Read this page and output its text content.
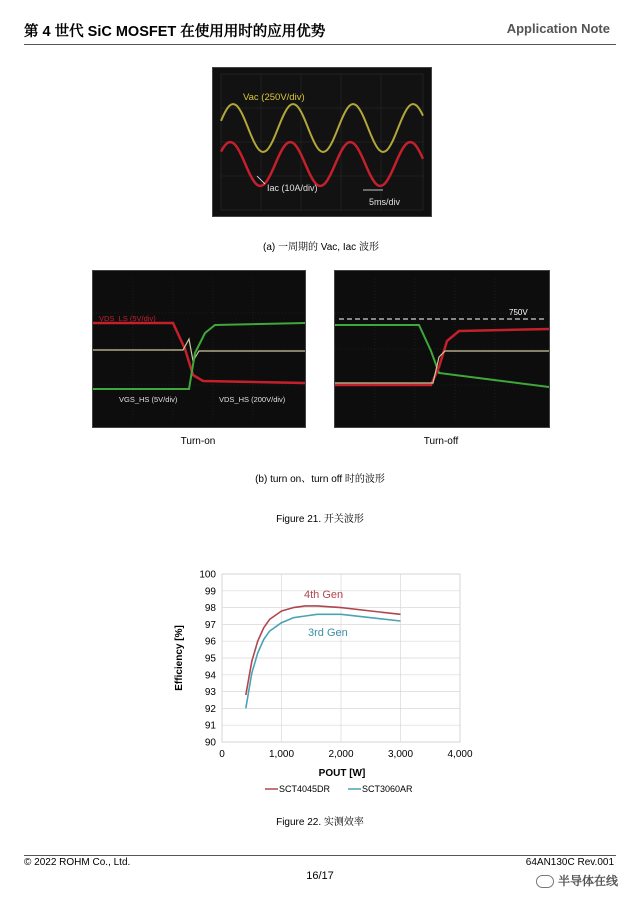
第 4 世代 SiC MOSFET 在使用用时的应用优势	Application Note
Vac (250V/div)
Iac (10A/div)
5ms/div
(a) 一周期的 Vac, Iac 波形
VDS_LS (5V/div)
VGS_HS (5V/div)	VDS_HS (200V/div)
750V
Turn-on	Turn-off
(b) turn on、turn off 时的波形
Figure 21. 开关波形
90
91
92
93
94
95
96
97
98
99
100
0	1,000	2,000	3,000	4,000
Efficiency [%]
POUT [W]
4th Gen
3rd Gen
SCT4045DR	SCT3060AR
Figure 22. 实测效率
© 2022 ROHM Co., Ltd.
16/17
64AN130C Rev.001
半导体在线
